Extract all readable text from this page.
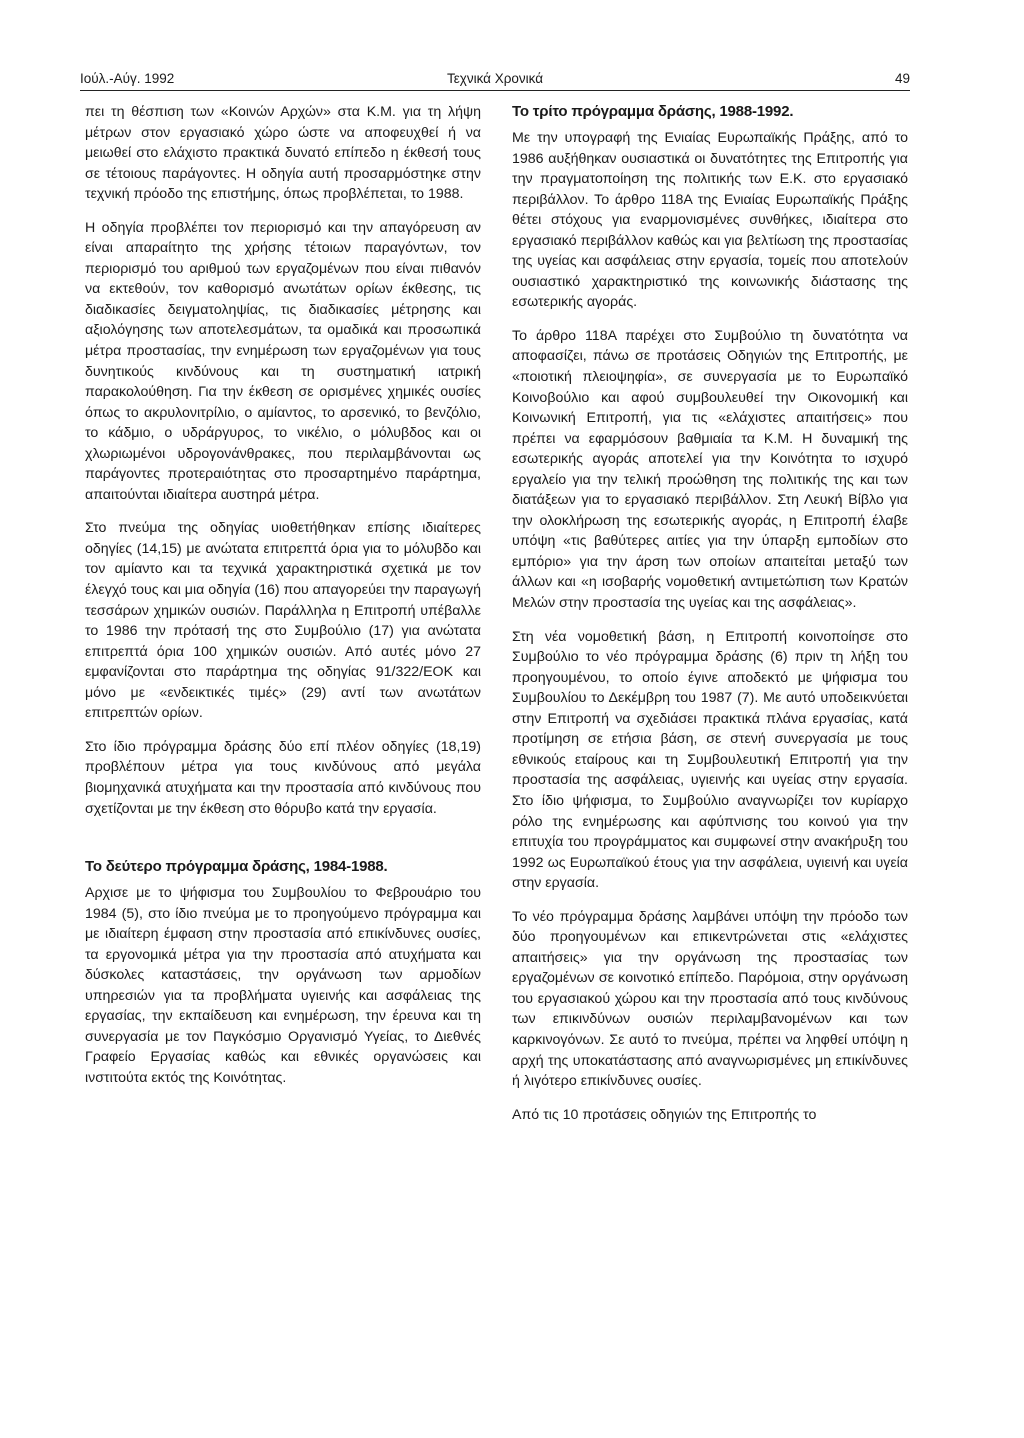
Ιούλ.-Αύγ. 1992	Τεχνικά Χρονικά	49

πει τη θέσπιση των «Κοινών Αρχών» στα Κ.Μ. για τη λήψη μέτρων στον εργασιακό χώρο ώστε να αποφευχθεί ή να μειωθεί στο ελάχιστο πρακτικά δυνατό επίπεδο η έκθεσή τους σε τέτοιους παράγοντες. Η οδηγία αυτή προσαρμόστηκε στην τεχνική πρόοδο της επιστήμης, όπως προβλέπεται, το 1988.

Η οδηγία προβλέπει τον περιορισμό και την απαγόρευση αν είναι απαραίτητο της χρήσης τέτοιων παραγόντων, τον περιορισμό του αριθμού των εργαζομένων που είναι πιθανόν να εκτεθούν, τον καθορισμό ανωτάτων ορίων έκθεσης, τις διαδικασίες δειγματοληψίας, τις διαδικασίες μέτρησης και αξιολόγησης των αποτελεσμάτων, τα ομαδικά και προσωπικά μέτρα προστασίας, την ενημέρωση των εργαζομένων για τους δυνητικούς κινδύνους και τη συστηματική ιατρική παρακολούθηση. Για την έκθεση σε ορισμένες χημικές ουσίες όπως το ακρυλονιτρίλιο, ο αμίαντος, το αρσενικό, το βενζόλιο, το κάδμιο, ο υδράργυρος, το νικέλιο, ο μόλυβδος και οι χλωριωμένοι υδρογονάνθρακες, που περιλαμβάνονται ως παράγοντες προτεραιότητας στο προσαρτημένο παράρτημα, απαιτούνται ιδιαίτερα αυστηρά μέτρα.

Στο πνεύμα της οδηγίας υιοθετήθηκαν επίσης ιδιαίτερες οδηγίες (14,15) με ανώτατα επιτρεπτά όρια για το μόλυβδο και τον αμίαντο και τα τεχνικά χαρακτηριστικά σχετικά με τον έλεγχό τους και μια οδηγία (16) που απαγορεύει την παραγωγή τεσσάρων χημικών ουσιών. Παράλληλα η Επιτροπή υπέβαλλε το 1986 την πρότασή της στο Συμβούλιο (17) για ανώτατα επιτρεπτά όρια 100 χημικών ουσιών. Από αυτές μόνο 27 εμφανίζονται στο παράρτημα της οδηγίας 91/322/ΕΟΚ και μόνο με «ενδεικτικές τιμές» (29) αντί των ανωτάτων επιτρεπτών ορίων.

Στο ίδιο πρόγραμμα δράσης δύο επί πλέον οδηγίες (18,19) προβλέπουν μέτρα για τους κινδύνους από μεγάλα βιομηχανικά ατυχήματα και την προστασία από κινδύνους που σχετίζονται με την έκθεση στο θόρυβο κατά την εργασία.

Το δεύτερο πρόγραμμα δράσης, 1984-1988.

Αρχισε με το ψήφισμα του Συμβουλίου το Φεβρουάριο του 1984 (5), στο ίδιο πνεύμα με το προηγούμενο πρόγραμμα και με ιδιαίτερη έμφαση στην προστασία από επικίνδυνες ουσίες, τα εργονομικά μέτρα για την προστασία από ατυχήματα και δύσκολες καταστάσεις, την οργάνωση των αρμοδίων υπηρεσιών για τα προβλήματα υγιεινής και ασφάλειας της εργασίας, την εκπαίδευση και ενημέρωση, την έρευνα και τη συνεργασία με τον Παγκόσμιο Οργανισμό Υγείας, το Διεθνές Γραφείο Εργασίας καθώς και εθνικές οργανώσεις και ινστιτούτα εκτός της Κοινότητας.

Το τρίτο πρόγραμμα δράσης, 1988-1992.

Με την υπογραφή της Ενιαίας Ευρωπαϊκής Πράξης, από το 1986 αυξήθηκαν ουσιαστικά οι δυνατότητες της Επιτροπής για την πραγματοποίηση της πολιτικής των Ε.Κ. στο εργασιακό περιβάλλον. Το άρθρο 118Α της Ενιαίας Ευρωπαϊκής Πράξης θέτει στόχους για εναρμονισμένες συνθήκες, ιδιαίτερα στο εργασιακό περιβάλλον καθώς και για βελτίωση της προστασίας της υγείας και ασφάλειας στην εργασία, τομείς που αποτελούν ουσιαστικό χαρακτηριστικό της κοινωνικής διάστασης της εσωτερικής αγοράς.

Το άρθρο 118Α παρέχει στο Συμβούλιο τη δυνατότητα να αποφασίζει, πάνω σε προτάσεις Οδηγιών της Επιτροπής, με «ποιοτική πλειοψηφία», σε συνεργασία με το Ευρωπαϊκό Κοινοβούλιο και αφού συμβουλευθεί την Οικονομική και Κοινωνική Επιτροπή, για τις «ελάχιστες απαιτήσεις» που πρέπει να εφαρμόσουν βαθμιαία τα Κ.Μ. Η δυναμική της εσωτερικής αγοράς αποτελεί για την Κοινότητα το ισχυρό εργαλείο για την τελική προώθηση της πολιτικής της και των διατάξεων για το εργασιακό περιβάλλον. Στη Λευκή Βίβλο για την ολοκλήρωση της εσωτερικής αγοράς, η Επιτροπή έλαβε υπόψη «τις βαθύτερες αιτίες για την ύπαρξη εμποδίων στο εμπόριο» για την άρση των οποίων απαιτείται μεταξύ των άλλων και «η ισοβαρής νομοθετική αντιμετώπιση των Κρατών Μελών στην προστασία της υγείας και της ασφάλειας».

Στη νέα νομοθετική βάση, η Επιτροπή κοινοποίησε στο Συμβούλιο το νέο πρόγραμμα δράσης (6) πριν τη λήξη του προηγουμένου, το οποίο έγινε αποδεκτό με ψήφισμα του Συμβουλίου το Δεκέμβρη του 1987 (7). Με αυτό υποδεικνύεται στην Επιτροπή να σχεδιάσει πρακτικά πλάνα εργασίας, κατά προτίμηση σε ετήσια βάση, σε στενή συνεργασία με τους εθνικούς εταίρους και τη Συμβουλευτική Επιτροπή για την προστασία της ασφάλειας, υγιεινής και υγείας στην εργασία. Στο ίδιο ψήφισμα, το Συμβούλιο αναγνωρίζει τον κυρίαρχο ρόλο της ενημέρωσης και αφύπνισης του κοινού για την επιτυχία του προγράμματος και συμφωνεί στην ανακήρυξη του 1992 ως Ευρωπαϊκού έτους για την ασφάλεια, υγιεινή και υγεία στην εργασία.

Το νέο πρόγραμμα δράσης λαμβάνει υπόψη την πρόοδο των δύο προηγουμένων και επικεντρώνεται στις «ελάχιστες απαιτήσεις» για την οργάνωση της προστασίας των εργαζομένων σε κοινοτικό επίπεδο. Παρόμοια, στην οργάνωση του εργασιακού χώρου και την προστασία από τους κινδύνους των επικινδύνων ουσιών περιλαμβανομένων και των καρκινογόνων. Σε αυτό το πνεύμα, πρέπει να ληφθεί υπόψη η αρχή της υποκατάστασης από αναγνωρισμένες μη επικίνδυνες ή λιγότερο επικίνδυνες ουσίες.

Από τις 10 προτάσεις οδηγιών της Επιτροπής το
